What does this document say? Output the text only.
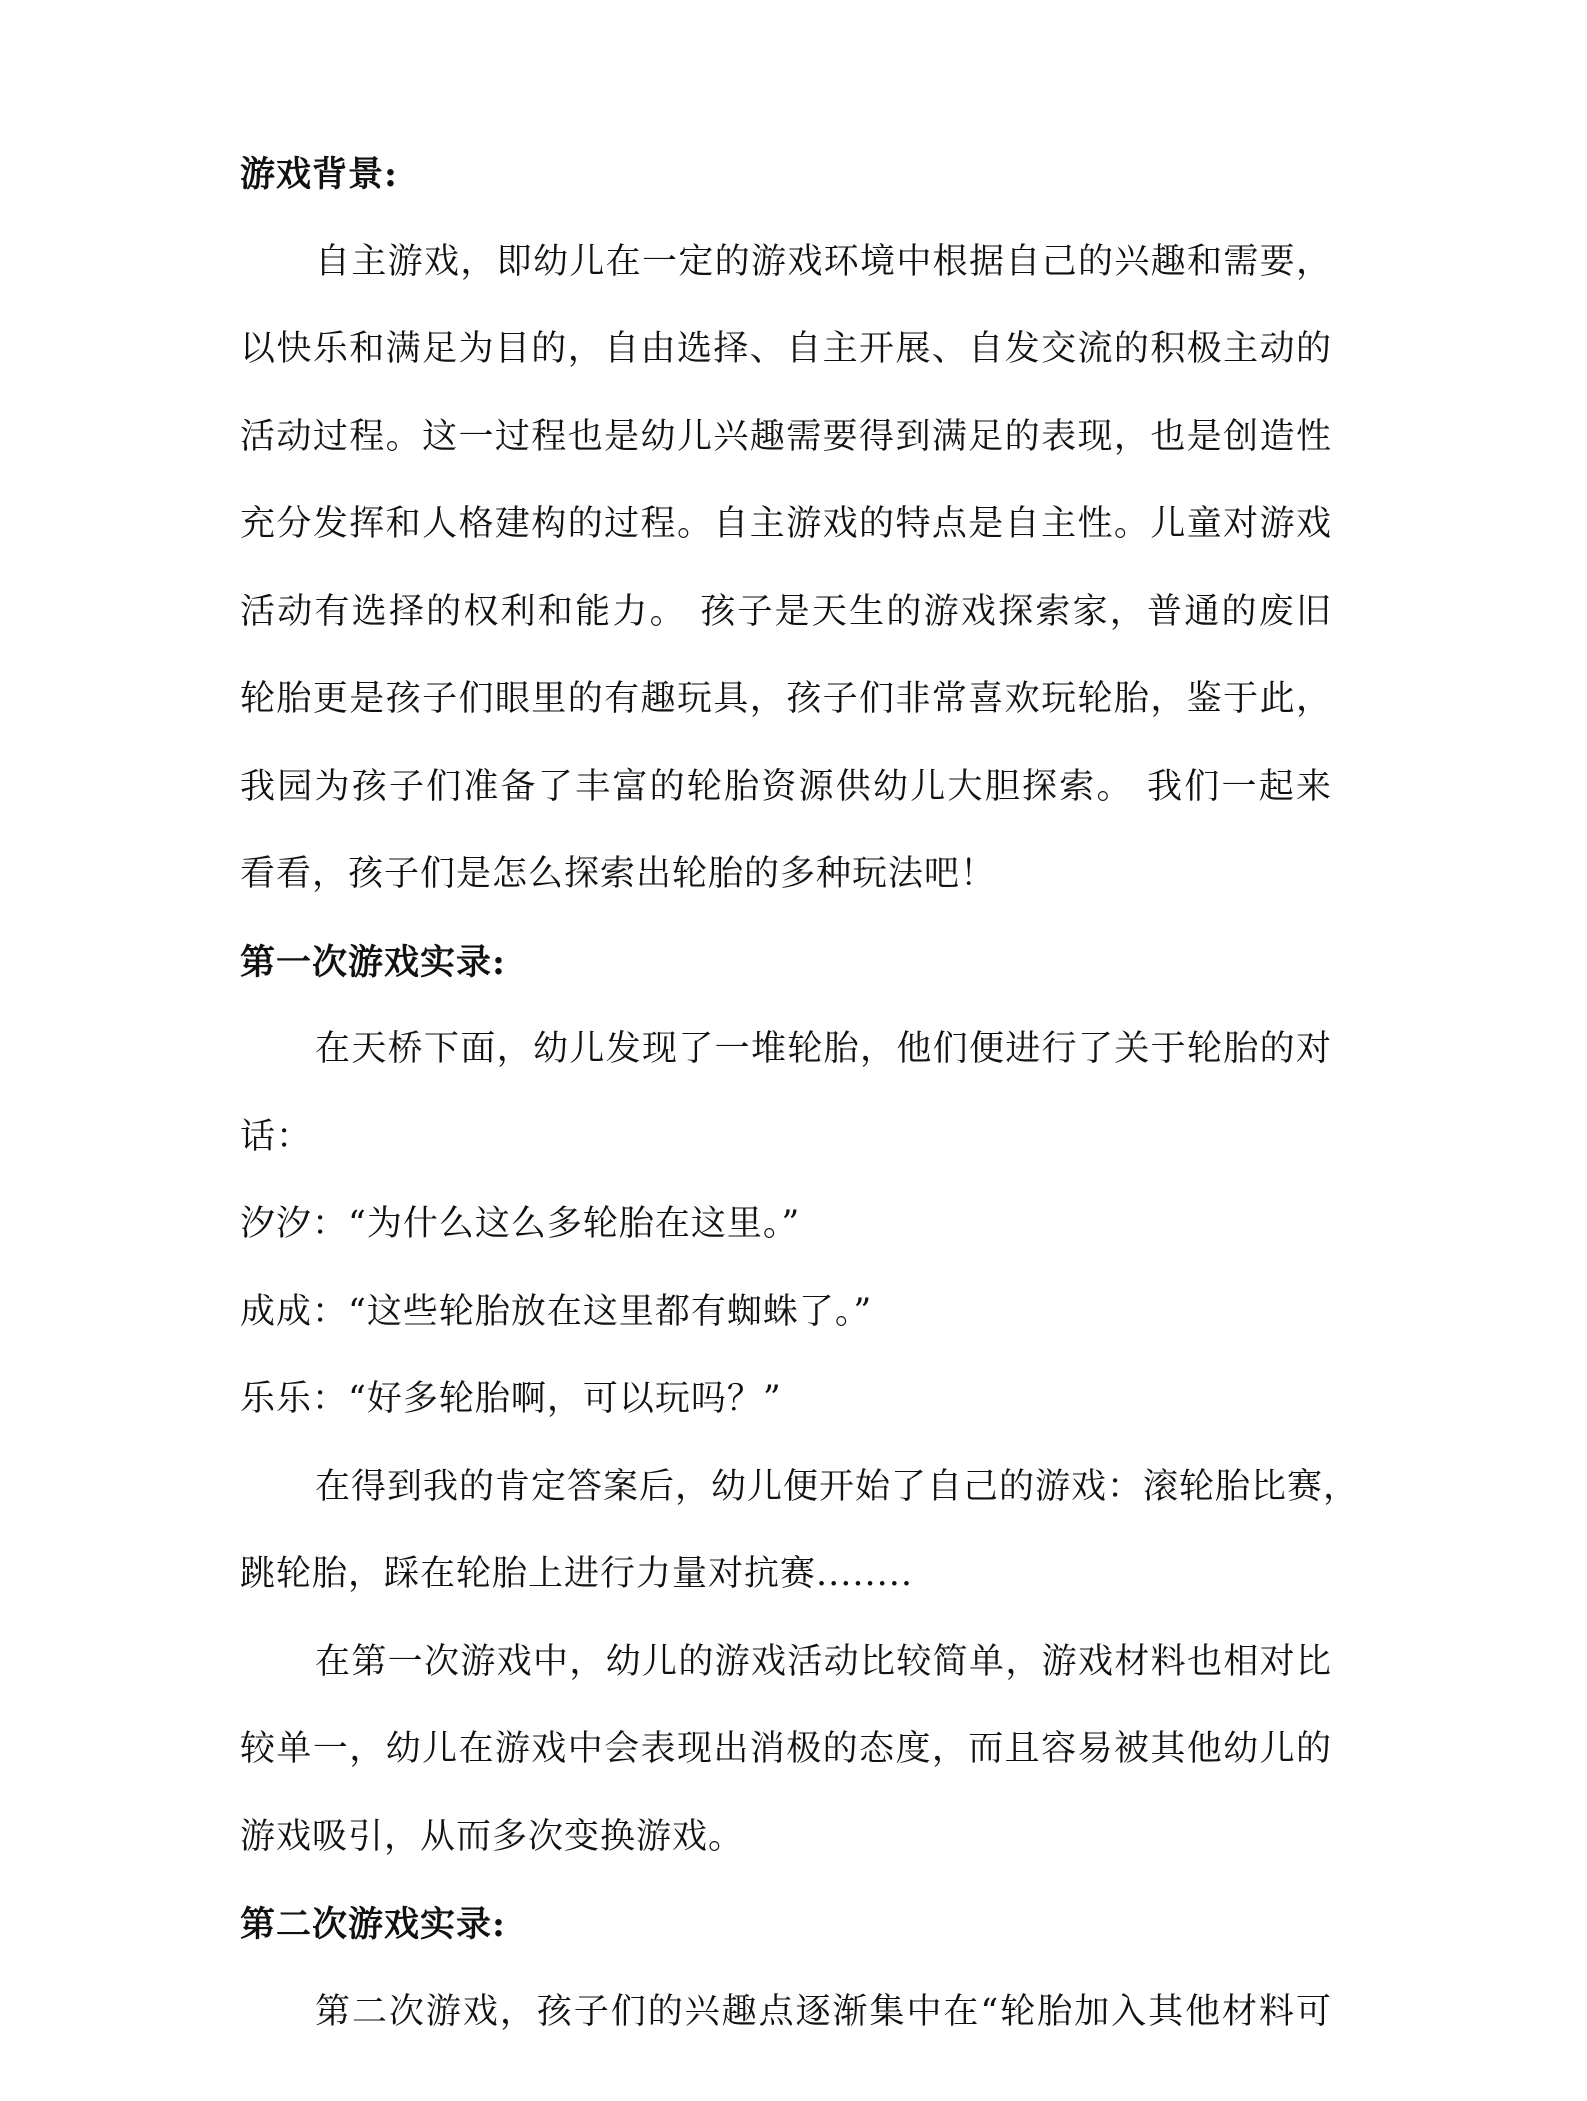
游戏背景:
自主游戏，即幼儿在一定的游戏环境中根据自己的兴趣和需要，
以快乐和满足为目的，自由选择、自主开展、自发交流的积极主动的
活动过程。这一过程也是幼儿兴趣需要得到满足的表现，也是创造性
充分发挥和人格建构的过程。自主游戏的特点是自主性。儿童对游戏
活动有选择的权利和能力。 孩子是天生的游戏探索家，普通的废旧
轮胎更是孩子们眼里的有趣玩具，孩子们非常喜欢玩轮胎，鉴于此，
我园为孩子们准备了丰富的轮胎资源供幼儿大胆探索。 我们一起来
看看，孩子们是怎么探索出轮胎的多种玩法吧！
第一次游戏实录:
在天桥下面，幼儿发现了一堆轮胎，他们便进行了关于轮胎的对
话：
汐汐：“为什么这么多轮胎在这里。”
成成：“这些轮胎放在这里都有蜘蛛了。”
乐乐：“好多轮胎啊，可以玩吗？”
在得到我的肯定答案后，幼儿便开始了自己的游戏：滚轮胎比赛，
跳轮胎，踩在轮胎上进行力量对抗赛........
在第一次游戏中，幼儿的游戏活动比较简单，游戏材料也相对比
较单一，幼儿在游戏中会表现出消极的态度，而且容易被其他幼儿的
游戏吸引，从而多次变换游戏。
第二次游戏实录:
第二次游戏，孩子们的兴趣点逐渐集中在“轮胎加入其他材料可
